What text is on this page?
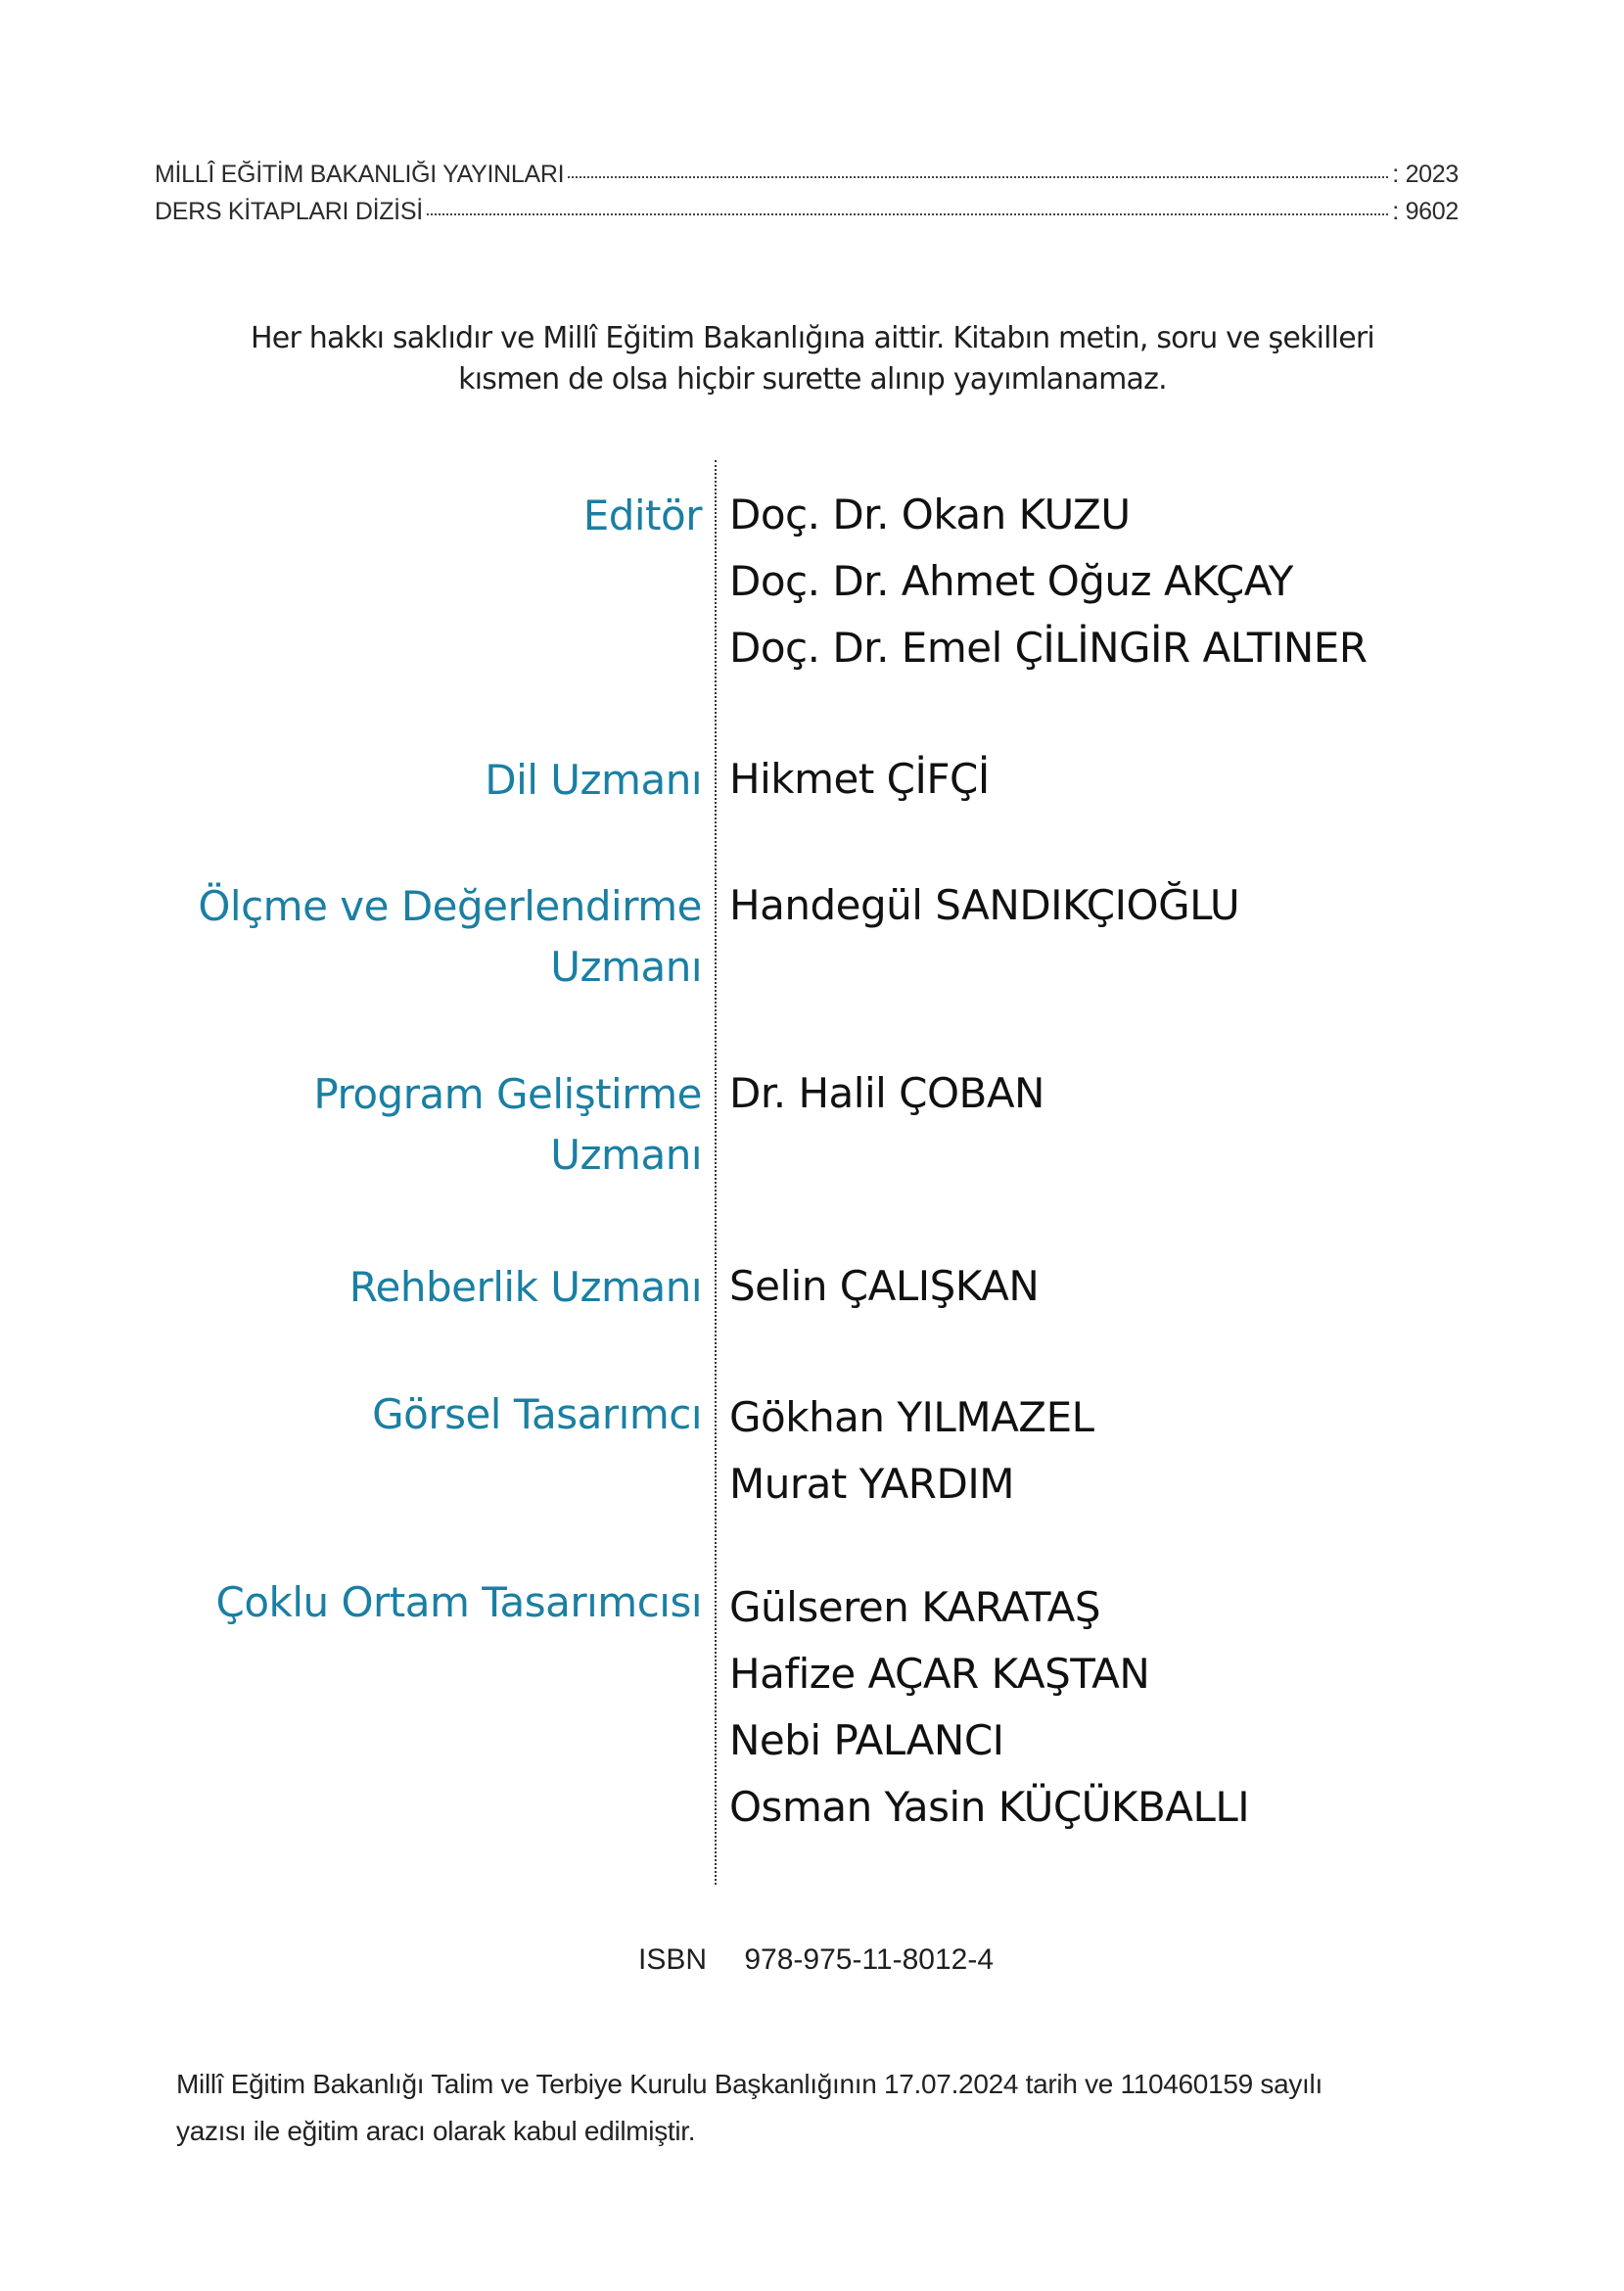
MİLLÎ EĞİTİM BAKANLIĞI YAYINLARI	: 2023
DERS KİTAPLARI DİZİSİ	: 9602
Her hakkı saklıdır ve Millî Eğitim Bakanlığına aittir. Kitabın metin, soru ve şekilleri
kısmen de olsa hiçbir surette alınıp yayımlanamaz.
Editör Doç. Dr. Okan KUZU
Doç. Dr. Ahmet Oğuz AKÇAY
Doç. Dr. Emel ÇİLİNGİR ALTINER
Dil Uzmanı Hikmet ÇİFÇİ
Ölçme ve Değerlendirme
Uzmanı
Handegül SANDIKÇIOĞLU
Program Geliştirme
Uzmanı
Dr. Halil ÇOBAN
Rehberlik Uzmanı Selin ÇALIŞKAN
Görsel Tasarımcı Gökhan YILMAZEL
Murat YARDIM
Çoklu Ortam Tasarımcısı Gülseren KARATAŞ
Hafize AÇAR KAŞTAN
Nebi PALANCI
Osman Yasin KÜÇÜKBALLI
ISBN 978-975-11-8012-4
Millî Eğitim Bakanlığı Talim ve Terbiye Kurulu Başkanlığının 17.07.2024 tarih ve 110460159 sayılı
yazısı ile eğitim aracı olarak kabul edilmiştir.
